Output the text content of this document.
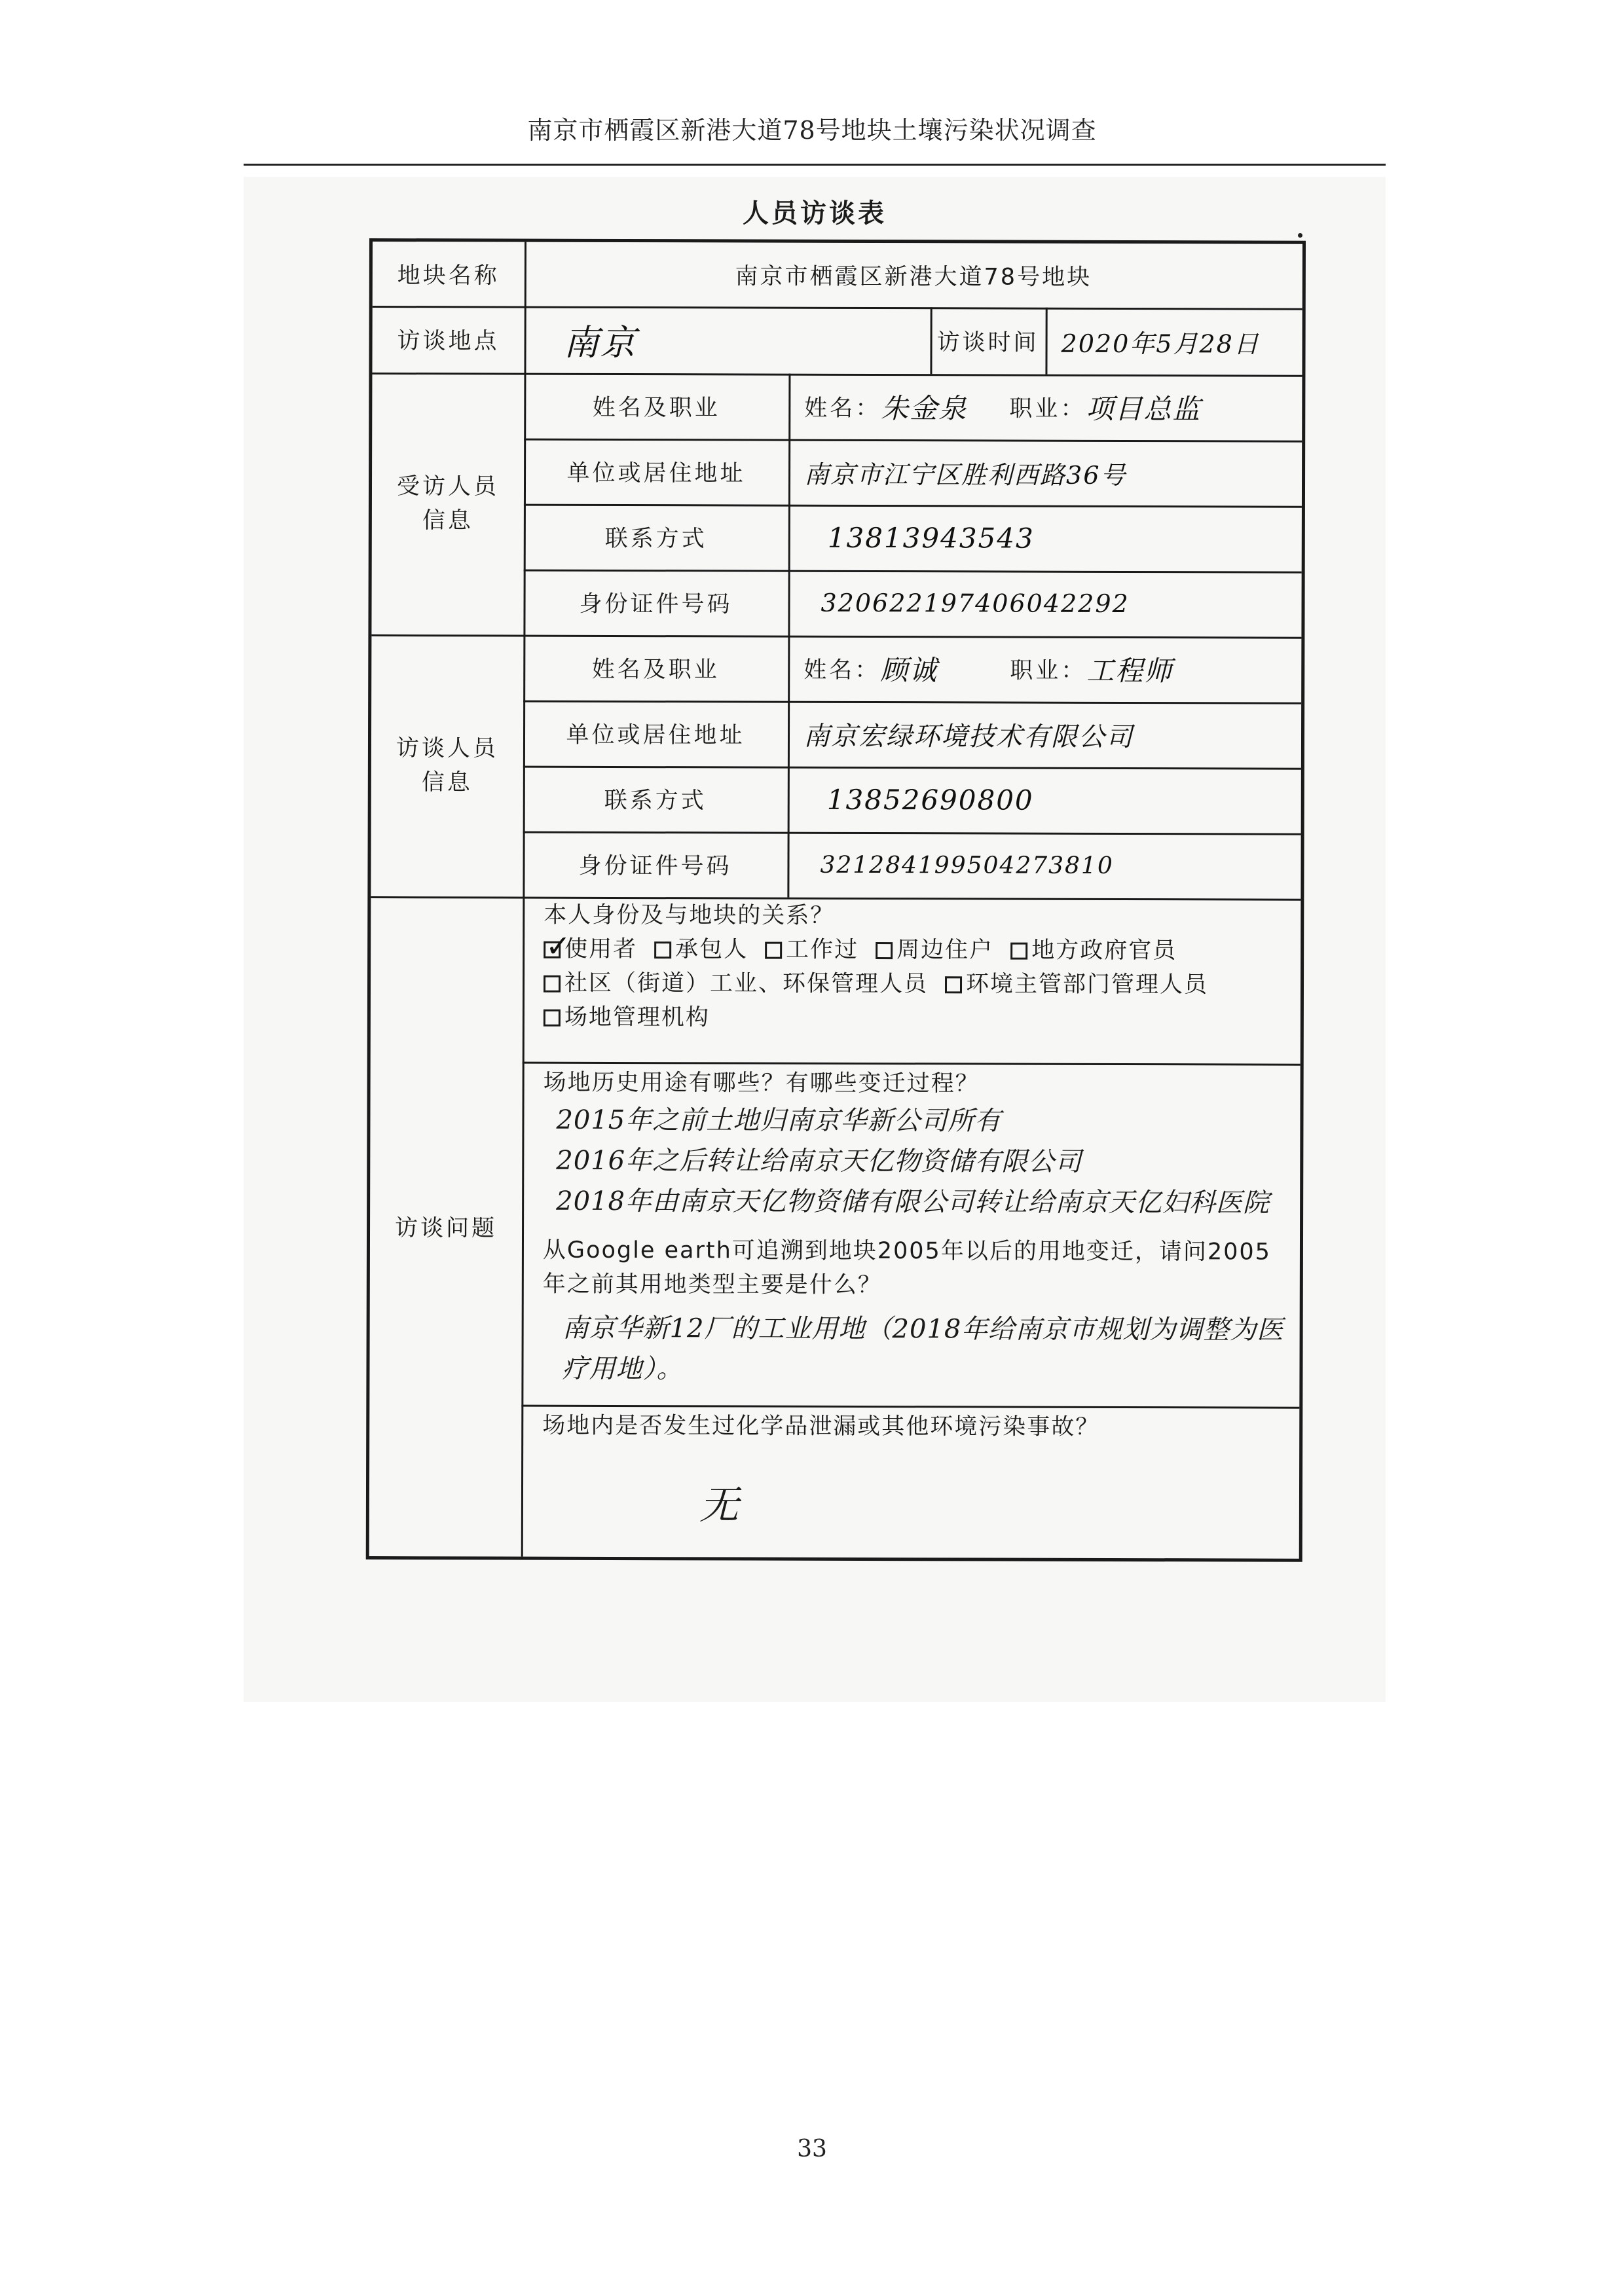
南京市栖霞区新港大道78号地块土壤污染状况调查
人员访谈表
地块名称	南京市栖霞区新港大道78号地块
访谈地点	南京	访谈时间 2020年5月28日
受访人员信息
姓名及职业	姓名： 朱金泉 职业： 项目总监
单位或居住地址	南京市江宁区胜利西路36号
联系方式	13813943543
身份证件号码	320622197406042292
访谈人员信息
姓名及职业	姓名： 顾诚	职业： 工程师
单位或居住地址	南京宏绿环境技术有限公司
联系方式	13852690800
身份证件号码	321284199504273810
访谈问题
本人身份及与地块的关系？
✓使用者 承包人 工作过 周边住户 地方政府官员
社区（街道）工业、环保管理人员 环境主管部门管理人员
场地管理机构
场地历史用途有哪些？有哪些变迁过程？
2015年之前土地归南京华新公司所有
2016年之后转让给南京天亿物资储有限公司
2018年由南京天亿物资储有限公司转让给南京天亿妇科医院
从Google earth可追溯到地块2005年以后的用地变迁，请问2005年之前其用地类型主要是什么？
南京华新12厂的工业用地（2018年给南京市规划为调整为医疗用地）。
场地内是否发生过化学品泄漏或其他环境污染事故？
无
33
